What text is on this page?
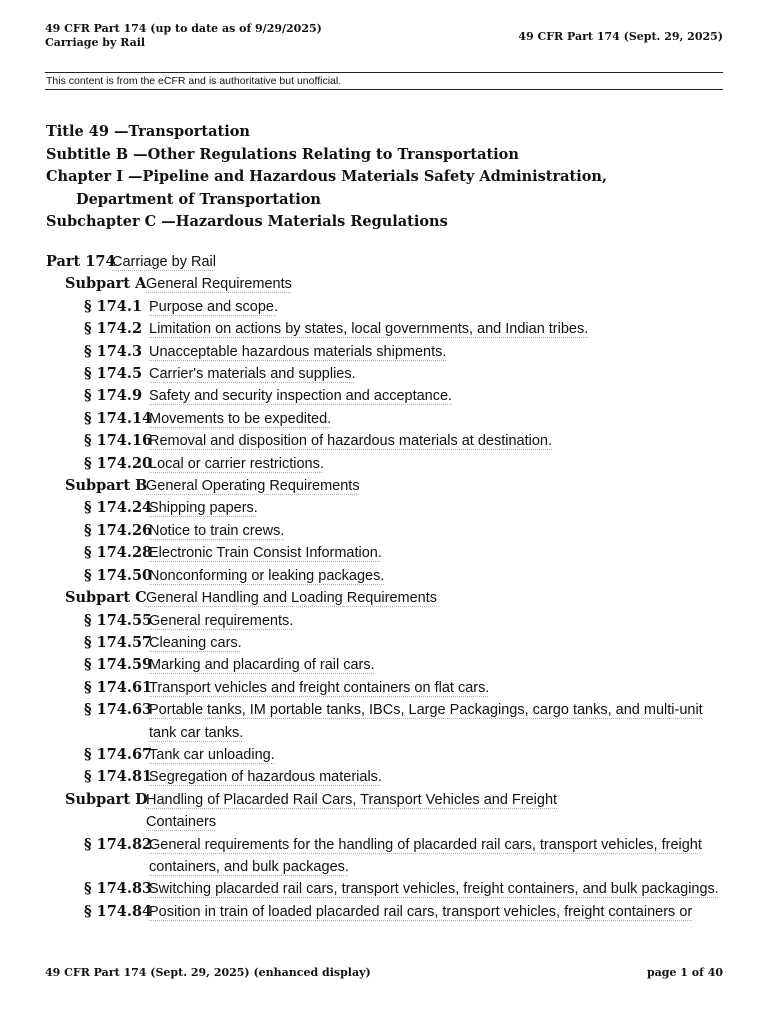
49 CFR Part 174 (up to date as of 9/29/2025)
Carriage by Rail	49 CFR Part 174 (Sept. 29, 2025)
This content is from the eCFR and is authoritative but unofficial.
Title 49 —Transportation
Subtitle B —Other Regulations Relating to Transportation
Chapter I —Pipeline and Hazardous Materials Safety Administration, Department of Transportation
Subchapter C —Hazardous Materials Regulations
Part 174
Carriage by Rail
Subpart A General Requirements
§ 174.1 Purpose and scope.
§ 174.2 Limitation on actions by states, local governments, and Indian tribes.
§ 174.3 Unacceptable hazardous materials shipments.
§ 174.5 Carrier's materials and supplies.
§ 174.9 Safety and security inspection and acceptance.
§ 174.14
Movements to be expedited.
§ 174.16
Removal and disposition of hazardous materials at destination.
§ 174.20
Local or carrier restrictions.
Subpart B
General Operating Requirements
§ 174.24
Shipping papers.
§ 174.26
Notice to train crews.
§ 174.28
Electronic Train Consist Information.
§ 174.50
Nonconforming or leaking packages.
Subpart C General Handling and Loading Requirements
§ 174.55
General requirements.
§ 174.57
Cleaning cars.
§ 174.59
Marking and placarding of rail cars.
§ 174.61
Transport vehicles and freight containers on flat cars.
§ 174.63
Portable tanks, IM portable tanks, IBCs, Large Packagings, cargo tanks, and multi-unit tank car tanks.
§ 174.67
Tank car unloading.
§ 174.81
Segregation of hazardous materials.
Subpart D
Handling of Placarded Rail Cars, Transport Vehicles and Freight Containers
§ 174.82
General requirements for the handling of placarded rail cars, transport vehicles, freight containers, and bulk packages.
§ 174.83
Switching placarded rail cars, transport vehicles, freight containers, and bulk packagings.
§ 174.84
Position in train of loaded placarded rail cars, transport vehicles, freight containers or
49 CFR Part 174 (Sept. 29, 2025) (enhanced display)	page 1 of 40
